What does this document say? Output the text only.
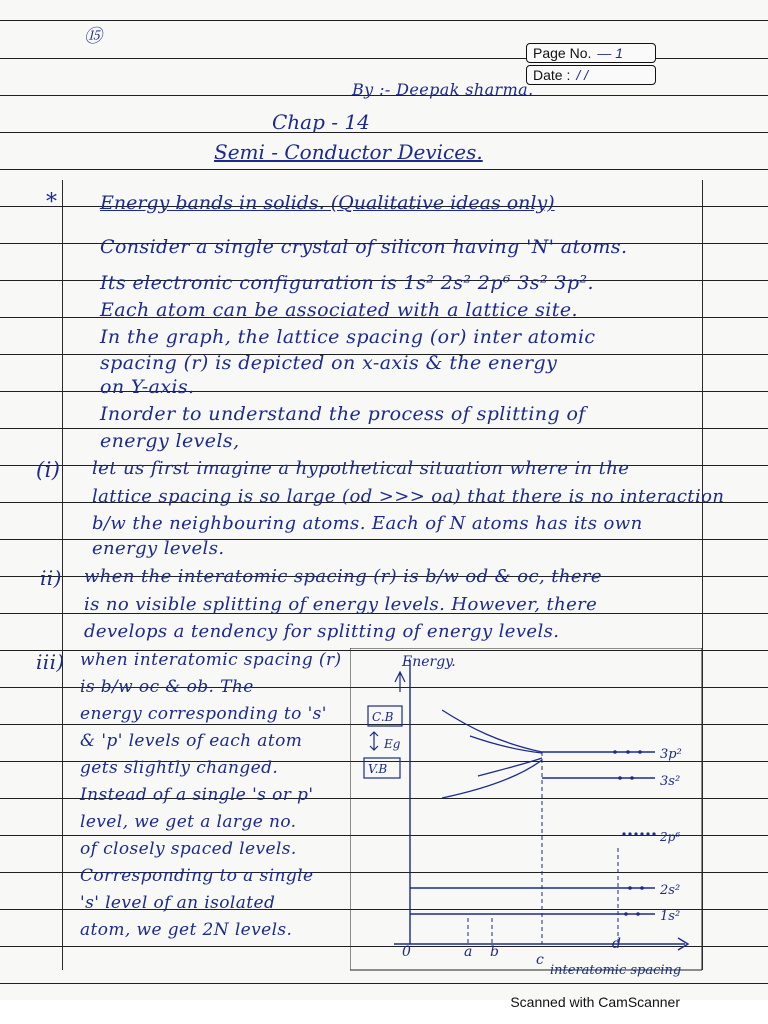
⑮
Page No. — 1
Date : / /
By :- Deepak sharma.
Chap - 14
Semi - Conductor Devices.
* Energy bands in solids. (Qualitative ideas only)
Consider a single crystal of silicon having 'N' atoms.
Its electronic configuration is 1s² 2s² 2p⁶ 3s² 3p².
Each atom can be associated with a lattice site.
In the graph, the lattice spacing (or) inter atomic
spacing (r) is depicted on x-axis & the energy
on Y-axis.
Inorder to understand the process of splitting of
energy levels,
(i) let us first imagine a hypothetical situation where in the
lattice spacing is so large (od >>> oa) that there is no interaction
b/w the neighbouring atoms. Each of N atoms has its own
energy levels.
ii) when the interatomic spacing (r) is b/w od & oc, there
is no visible splitting of energy levels. However, there
develops a tendency for splitting of energy levels.
iii) when interatomic spacing (r)
is b/w oc & ob. The
energy corresponding to 's'
& 'p' levels of each atom
gets slightly changed.
Instead of a single 's or p'
level, we get a large no.
of closely spaced levels.
Corresponding to a single
's' level of an isolated
atom, we get 2N levels.
Energy.
C.B
Eg
V.B
3p²
3s²
2p⁶
2s²
1s²
0	a b	c
d
interatomic spacing
Scanned with CamScanner
